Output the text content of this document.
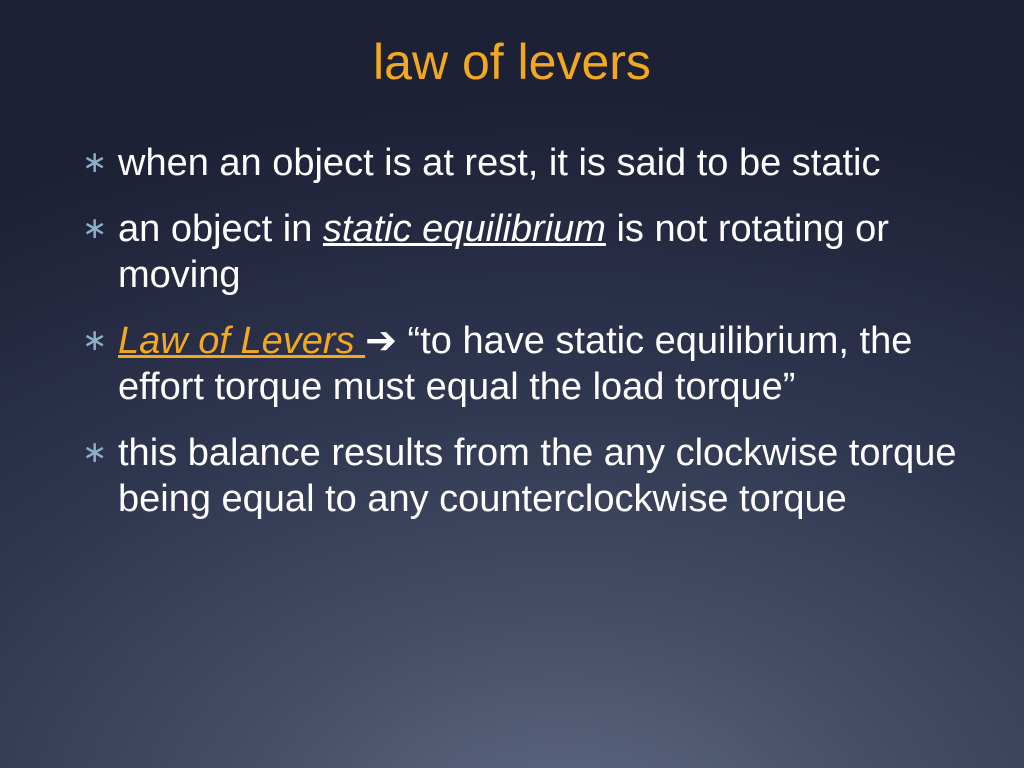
law of levers
∗ when an object is at rest, it is said to be static
∗ an object in static equilibrium is not rotating or moving
∗ Law of Levers ➔ “to have static equilibrium, the effort torque must equal the load torque”
∗ this balance results from the any clockwise torque being equal to any counterclockwise torque
